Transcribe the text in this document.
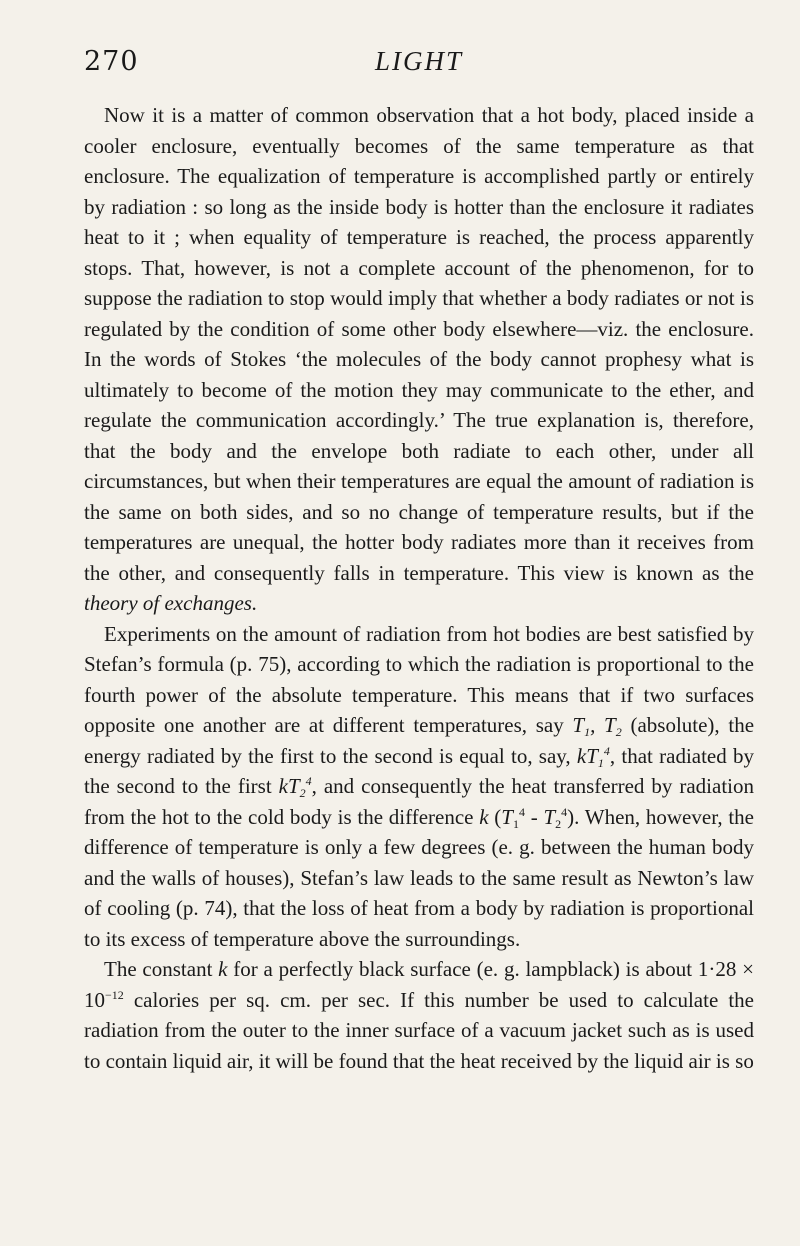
270	LIGHT

Now it is a matter of common observation that a hot body, placed inside a cooler enclosure, eventually becomes of the same temperature as that enclosure. The equalization of temperature is accomplished partly or entirely by radiation : so long as the inside body is hotter than the enclosure it radiates heat to it ; when equality of temperature is reached, the process apparently stops. That, however, is not a complete account of the phenomenon, for to suppose the radiation to stop would imply that whether a body radiates or not is regulated by the condition of some other body elsewhere—viz. the enclosure. In the words of Stokes ‘the molecules of the body cannot prophesy what is ultimately to become of the motion they may communicate to the ether, and regulate the communication accordingly.’ The true explanation is, therefore, that the body and the envelope both radiate to each other, under all circumstances, but when their temperatures are equal the amount of radiation is the same on both sides, and so no change of temperature results, but if the temperatures are unequal, the hotter body radiates more than it receives from the other, and consequently falls in temperature. This view is known as the theory of exchanges.

Experiments on the amount of radiation from hot bodies are best satisfied by Stefan’s formula (p. 75), according to which the radiation is proportional to the fourth power of the absolute temperature. This means that if two surfaces opposite one another are at different temperatures, say $T_1$, $T_2$ (absolute), the energy radiated by the first to the second is equal to, say, $kT_1^4$, that radiated by the second to the first $kT_2^4$, and consequently the heat transferred by radiation from the hot to the cold body is the difference k $(T_1^4 - T_2^4)$. When, however, the difference of temperature is only a few degrees (e. g. between the human body and the walls of houses), Stefan’s law leads to the same result as Newton’s law of cooling (p. 74), that the loss of heat from a body by radiation is proportional to its excess of temperature above the surroundings.

The constant k for a perfectly black surface (e. g. lampblack) is about $1\cdot 28 \times 10^{-12}$ calories per sq. cm. per sec. If this number be used to calculate the radiation from the outer to the inner surface of a vacuum jacket such as is used to contain liquid air, it will be found that the heat received by the liquid air is so
